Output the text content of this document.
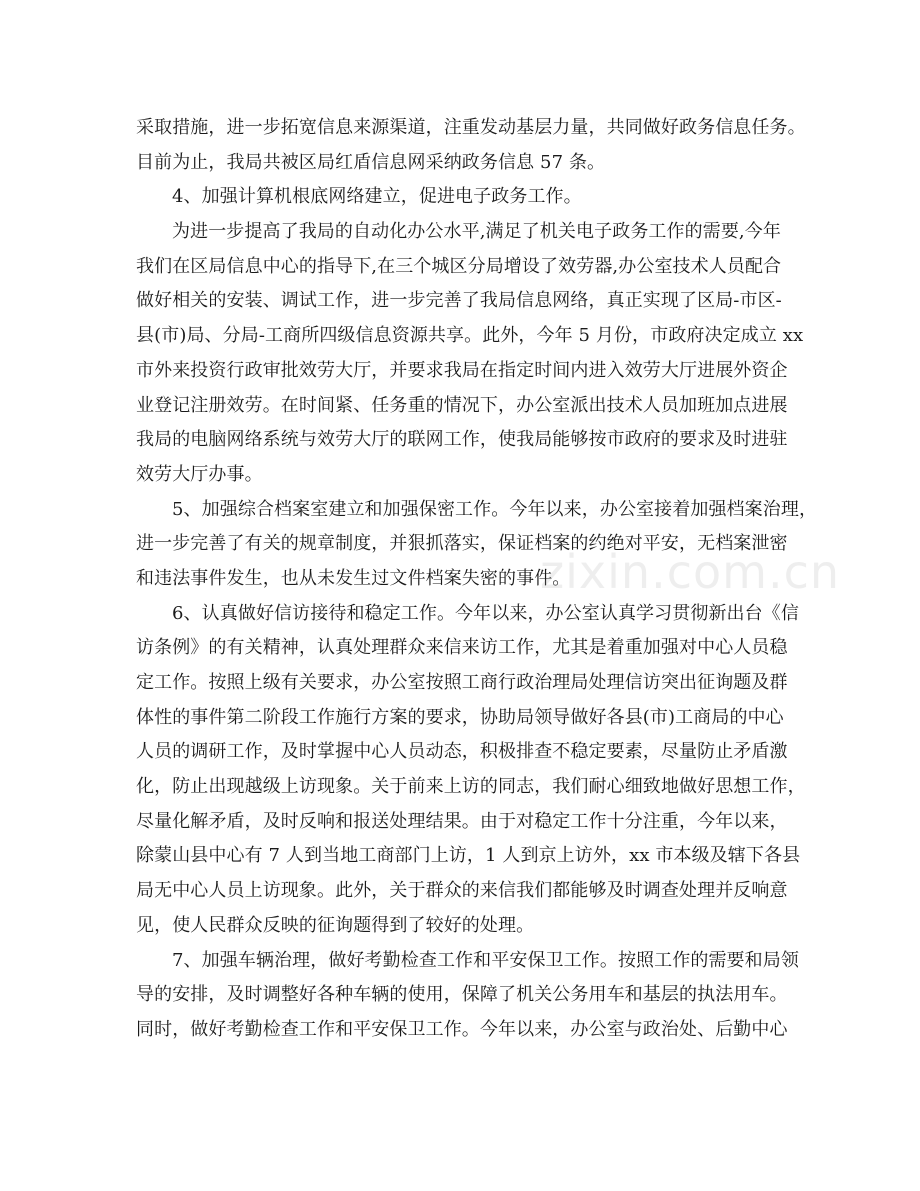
采取措施，进一步拓宽信息来源渠道，注重发动基层力量，共同做好政务信息任务。
目前为止，我局共被区局红盾信息网采纳政务信息 57 条。
4、加强计算机根底网络建立，促进电子政务工作。
为进一步提高了我局的自动化办公水平,满足了机关电子政务工作的需要,今年
我们在区局信息中心的指导下,在三个城区分局增设了效劳器,办公室技术人员配合
做好相关的安装、调试工作，进一步完善了我局信息网络，真正实现了区局-市区-
县(市)局、分局-工商所四级信息资源共享。此外，今年 5 月份，市政府决定成立 xx
市外来投资行政审批效劳大厅，并要求我局在指定时间内进入效劳大厅进展外资企
业登记注册效劳。在时间紧、任务重的情况下，办公室派出技术人员加班加点进展
我局的电脑网络系统与效劳大厅的联网工作，使我局能够按市政府的要求及时进驻
效劳大厅办事。
5、加强综合档案室建立和加强保密工作。今年以来，办公室接着加强档案治理，
进一步完善了有关的规章制度，并狠抓落实，保证档案的约绝对平安，无档案泄密
和违法事件发生，也从未发生过文件档案失密的事件。
6、认真做好信访接待和稳定工作。今年以来，办公室认真学习贯彻新出台《信
访条例》的有关精神，认真处理群众来信来访工作，尤其是着重加强对中心人员稳
定工作。按照上级有关要求，办公室按照工商行政治理局处理信访突出征询题及群
体性的事件第二阶段工作施行方案的要求，协助局领导做好各县(市)工商局的中心
人员的调研工作，及时掌握中心人员动态，积极排查不稳定要素，尽量防止矛盾激
化，防止出现越级上访现象。关于前来上访的同志，我们耐心细致地做好思想工作，
尽量化解矛盾，及时反响和报送处理结果。由于对稳定工作十分注重，今年以来，
除蒙山县中心有 7 人到当地工商部门上访，1 人到京上访外，xx 市本级及辖下各县
局无中心人员上访现象。此外，关于群众的来信我们都能够及时调查处理并反响意
见，使人民群众反映的征询题得到了较好的处理。
7、加强车辆治理，做好考勤检查工作和平安保卫工作。按照工作的需要和局领
导的安排，及时调整好各种车辆的使用，保障了机关公务用车和基层的执法用车。
同时，做好考勤检查工作和平安保卫工作。今年以来，办公室与政治处、后勤中心
zixin.com.cn
